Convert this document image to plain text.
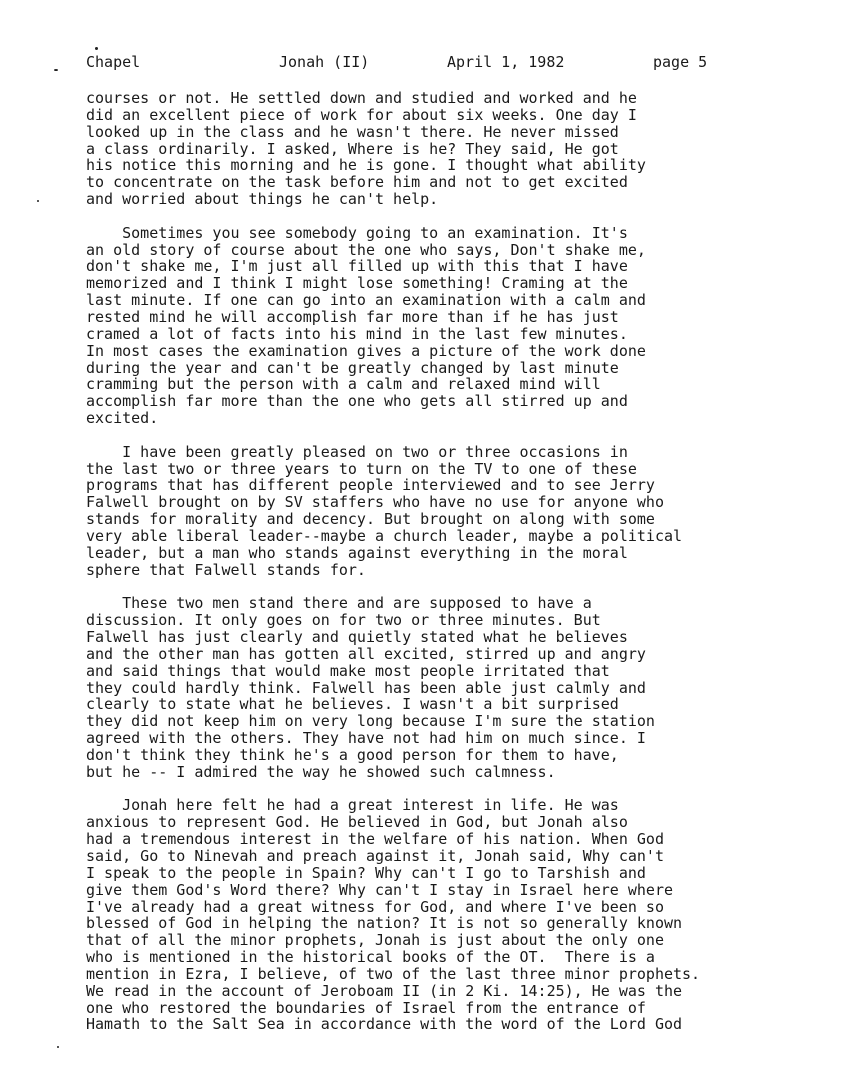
Chapel	Jonah (II)	April 1, 1982	page 5
courses or not. He settled down and studied and worked and he
did an excellent piece of work for about six weeks. One day I
looked up in the class and he wasn't there. He never missed
a class ordinarily. I asked, Where is he? They said, He got
his notice this morning and he is gone. I thought what ability
to concentrate on the task before him and not to get excited
and worried about things he can't help.
Sometimes you see somebody going to an examination. It's
an old story of course about the one who says, Don't shake me,
don't shake me, I'm just all filled up with this that I have
memorized and I think I might lose something! Craming at the
last minute. If one can go into an examination with a calm and
rested mind he will accomplish far more than if he has just
cramed a lot of facts into his mind in the last few minutes.
In most cases the examination gives a picture of the work done
during the year and can't be greatly changed by last minute
cramming but the person with a calm and relaxed mind will
accomplish far more than the one who gets all stirred up and
excited.
I have been greatly pleased on two or three occasions in
the last two or three years to turn on the TV to one of these
programs that has different people interviewed and to see Jerry
Falwell brought on by SV staffers who have no use for anyone who
stands for morality and decency. But brought on along with some
very able liberal leader--maybe a church leader, maybe a political
leader, but a man who stands against everything in the moral
sphere that Falwell stands for.
These two men stand there and are supposed to have a
discussion. It only goes on for two or three minutes. But
Falwell has just clearly and quietly stated what he believes
and the other man has gotten all excited, stirred up and angry
and said things that would make most people irritated that
they could hardly think. Falwell has been able just calmly and
clearly to state what he believes. I wasn't a bit surprised
they did not keep him on very long because I'm sure the station
agreed with the others. They have not had him on much since. I
don't think they think he's a good person for them to have,
but he -- I admired the way he showed such calmness.
Jonah here felt he had a great interest in life. He was
anxious to represent God. He believed in God, but Jonah also
had a tremendous interest in the welfare of his nation. When God
said, Go to Ninevah and preach against it, Jonah said, Why can't
I speak to the people in Spain? Why can't I go to Tarshish and
give them God's Word there? Why can't I stay in Israel here where
I've already had a great witness for God, and where I've been so
blessed of God in helping the nation? It is not so generally known
that of all the minor prophets, Jonah is just about the only one
who is mentioned in the historical books of the OT.  There is a
mention in Ezra, I believe, of two of the last three minor prophets.
We read in the account of Jeroboam II (in 2 Ki. 14:25), He was the
one who restored the boundaries of Israel from the entrance of
Hamath to the Salt Sea in accordance with the word of the Lord God
